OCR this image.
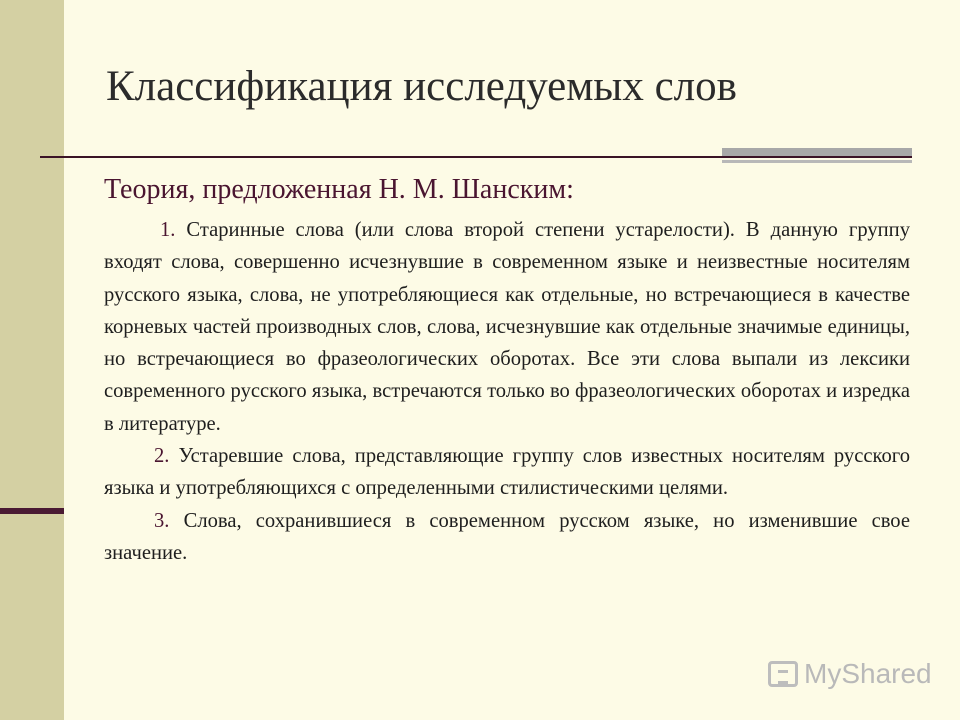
Классификация исследуемых слов
Теория, предложенная Н. М. Шанским:

1. Старинные слова (или слова второй степени устарелости). В данную группу входят слова, совершенно исчезнувшие в современном языке и неизвестные носителям русского языка, слова, не употребляющиеся как отдельные, но встречающиеся в качестве корневых частей производных слов, слова, исчезнувшие как отдельные значимые единицы, но встречающиеся во фразеологических оборотах. Все эти слова выпали из лексики современного русского языка, встречаются только во фразеологических оборотах и изредка в литературе.

2. Устаревшие слова, представляющие группу слов известных носителям русского языка и употребляющихся с определенными стилистическими целями.

3. Слова, сохранившиеся в современном русском языке, но изменившие свое значение.

MyShared
